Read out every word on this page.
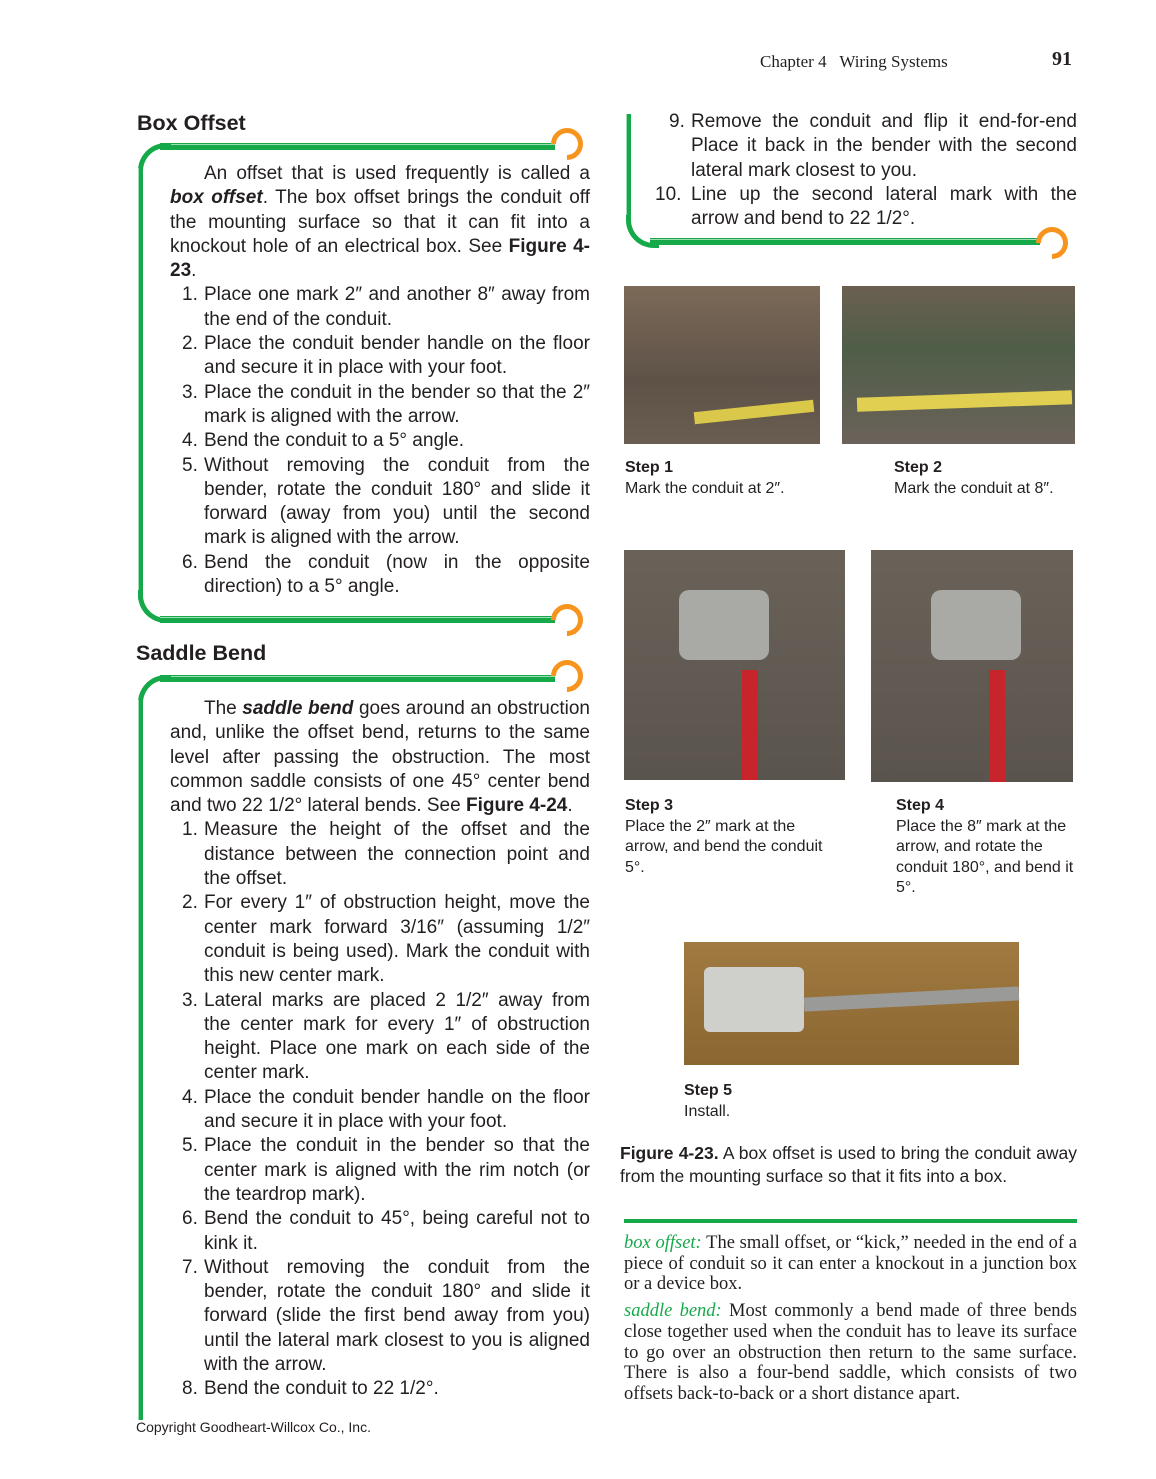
Chapter 4 Wiring Systems	91
Box Offset

An offset that is used frequently is called a box offset. The box offset brings the conduit off the mounting surface so that it can fit into a knockout hole of an electrical box. See Figure 4-23.

1. Place one mark 2″ and another 8″ away from the end of the conduit.
2. Place the conduit bender handle on the floor and secure it in place with your foot.
3. Place the conduit in the bender so that the 2″ mark is aligned with the arrow.
4. Bend the conduit to a 5° angle.
5. Without removing the conduit from the bender, rotate the conduit 180° and slide it forward (away from you) until the second mark is aligned with the arrow.
6. Bend the conduit (now in the opposite direction) to a 5° angle.
Saddle Bend

The saddle bend goes around an obstruction and, unlike the offset bend, returns to the same level after passing the obstruction. The most common saddle consists of one 45° center bend and two 22 1/2° lateral bends. See Figure 4-24.

1. Measure the height of the offset and the distance between the connection point and the offset.
2. For every 1″ of obstruction height, move the center mark forward 3/16″ (assuming 1/2″ conduit is being used). Mark the conduit with this new center mark.
3. Lateral marks are placed 2 1/2″ away from the center mark for every 1″ of obstruction height. Place one mark on each side of the center mark.
4. Place the conduit bender handle on the floor and secure it in place with your foot.
5. Place the conduit in the bender so that the center mark is aligned with the rim notch (or the teardrop mark).
6. Bend the conduit to 45°, being careful not to kink it.
7. Without removing the conduit from the bender, rotate the conduit 180° and slide it forward (slide the first bend away from you) until the lateral mark closest to you is aligned with the arrow.
8. Bend the conduit to 22 1/2°.
9. Remove the conduit and flip it end-for-end Place it back in the bender with the second lateral mark closest to you.
10. Line up the second lateral mark with the arrow and bend to 22 1/2°.
Step 1
Mark the conduit at 2″.
Step 2
Mark the conduit at 8″.
Step 3
Place the 2″ mark at the arrow, and bend the conduit 5°.
Step 4
Place the 8″ mark at the arrow, and rotate the conduit 180°, and bend it 5°.
Step 5
Install.
Figure 4-23. A box offset is used to bring the conduit away from the mounting surface so that it fits into a box.
box offset: The small offset, or “kick,” needed in the end of a piece of conduit so it can enter a knockout in a junction box or a device box.
saddle bend: Most commonly a bend made of three bends close together used when the conduit has to leave its surface to go over an obstruction then return to the same surface. There is also a four-bend saddle, which consists of two offsets back-to-back or a short distance apart.
Copyright Goodheart-Willcox Co., Inc.
